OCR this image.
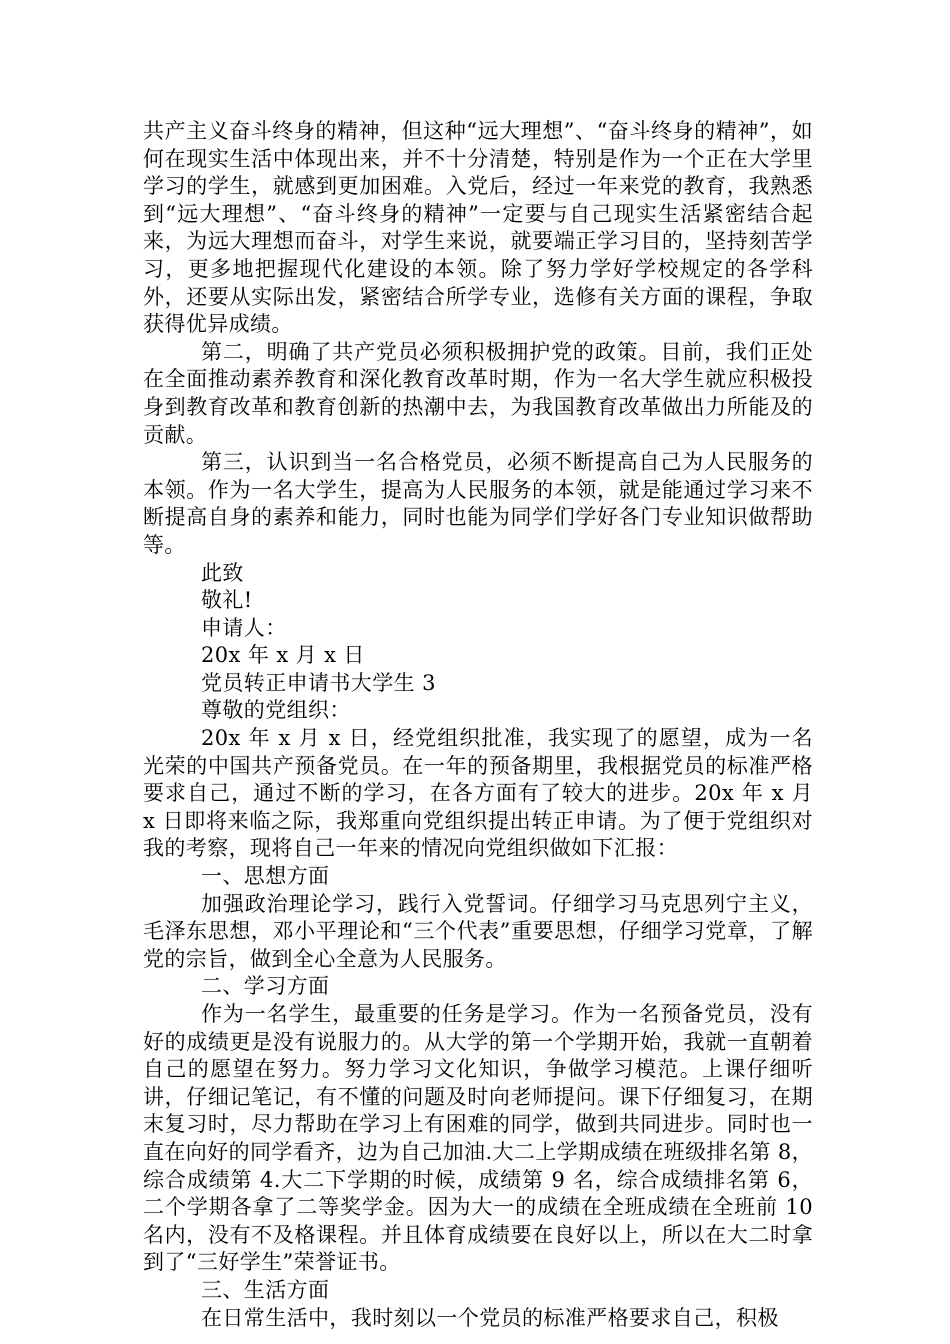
共产主义奋斗终身的精神，但这种“远大理想”、“奋斗终身的精神”，如何在现实生活中体现出来，并不十分清楚，特别是作为一个正在大学里学习的学生，就感到更加困难。入党后，经过一年来党的教育，我熟悉到“远大理想”、“奋斗终身的精神”一定要与自己现实生活紧密结合起来，为远大理想而奋斗，对学生来说，就要端正学习目的，坚持刻苦学习，更多地把握现代化建设的本领。除了努力学好学校规定的各学科外，还要从实际出发，紧密结合所学专业，选修有关方面的课程，争取获得优异成绩。

第二，明确了共产党员必须积极拥护党的政策。目前，我们正处在全面推动素养教育和深化教育改革时期，作为一名大学生就应积极投身到教育改革和教育创新的热潮中去，为我国教育改革做出力所能及的贡献。

第三，认识到当一名合格党员，必须不断提高自己为人民服务的本领。作为一名大学生，提高为人民服务的本领，就是能通过学习来不断提高自身的素养和能力，同时也能为同学们学好各门专业知识做帮助等。

此致

敬礼!

申请人：

20x 年 x 月 x 日

党员转正申请书大学生 3

尊敬的党组织：

20x 年 x 月 x 日，经党组织批准，我实现了的愿望，成为一名光荣的中国共产预备党员。在一年的预备期里，我根据党员的标准严格要求自己，通过不断的学习，在各方面有了较大的进步。20x 年 x 月 x 日即将来临之际，我郑重向党组织提出转正申请。为了便于党组织对我的考察，现将自己一年来的情况向党组织做如下汇报：

一、思想方面

加强政治理论学习，践行入党誓词。仔细学习马克思列宁主义，毛泽东思想，邓小平理论和“三个代表”重要思想，仔细学习党章，了解党的宗旨，做到全心全意为人民服务。

二、学习方面

作为一名学生，最重要的任务是学习。作为一名预备党员，没有好的成绩更是没有说服力的。从大学的第一个学期开始，我就一直朝着自己的愿望在努力。努力学习文化知识，争做学习模范。上课仔细听讲，仔细记笔记，有不懂的问题及时向老师提问。课下仔细复习，在期末复习时，尽力帮助在学习上有困难的同学，做到共同进步。同时也一直在向好的同学看齐，边为自己加油.大二上学期成绩在班级排名第 8，综合成绩第 4.大二下学期的时候，成绩第 9 名，综合成绩排名第 6，二个学期各拿了二等奖学金。因为大一的成绩在全班成绩在全班前 10 名内，没有不及格课程。并且体育成绩要在良好以上，所以在大二时拿到了“三好学生”荣誉证书。

三、生活方面

在日常生活中，我时刻以一个党员的标准严格要求自己，积极
